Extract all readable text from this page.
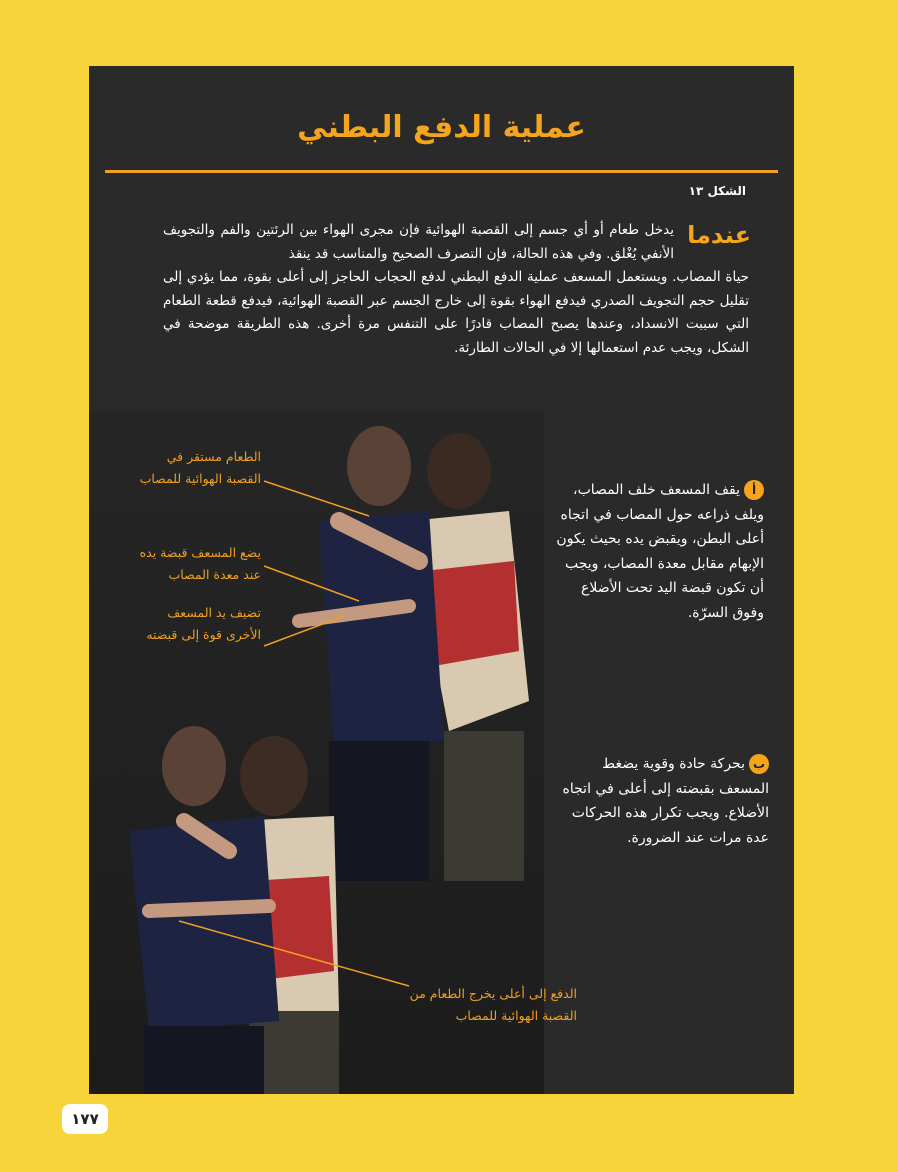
عملية الدفع البطني
الشكل ١٣
عندما
يدخل طعام أو أي جسم إلى القصبة الهوائية فإن مجرى الهواء بين الرئتين والفم والتجويف الأنفي يُغْلق. وفي هذه الحالة، فإن التصرف الصحيح والمناسب قد ينقذ
حياة المصاب. ويستعمل المسعف عملية الدفع البطني لدفع الحجاب الحاجز إلى أعلى بقوة، مما يؤدي إلى تقليل حجم التجويف الصدري فيدفع الهواء بقوة إلى خارج الجسم عبر القصبة الهوائية، فيدفع قطعة الطعام التي سببت الانسداد، وعندها يصبح المصاب قادرًا على التنفس مرة أخرى. هذه الطريقة موضحة في الشكل، ويجب عدم استعمالها إلا في الحالات الطارئة.
الطعام مستقر في القصبة الهوائية للمصاب
يضع المسعف قبضة يده عند معدة المصاب
تضيف يد المسعف الأخرى قوة إلى قبضته
الدفع إلى أعلى يخرج الطعام من القصبة الهوائية للمصاب
أيقف المسعف خلف المصاب، ويلف ذراعه حول المصاب في اتجاه أعلى البطن، ويقبض يده بحيث يكون الإبهام مقابل معدة المصاب، ويجب أن تكون قبضة اليد تحت الأضلاع وفوق السرّة.
ببحركة حادة وقوية يضغط المسعف بقبضته إلى أعلى في اتجاه الأضلاع. ويجب تكرار هذه الحركات عدة مرات عند الضرورة.
١٧٧
